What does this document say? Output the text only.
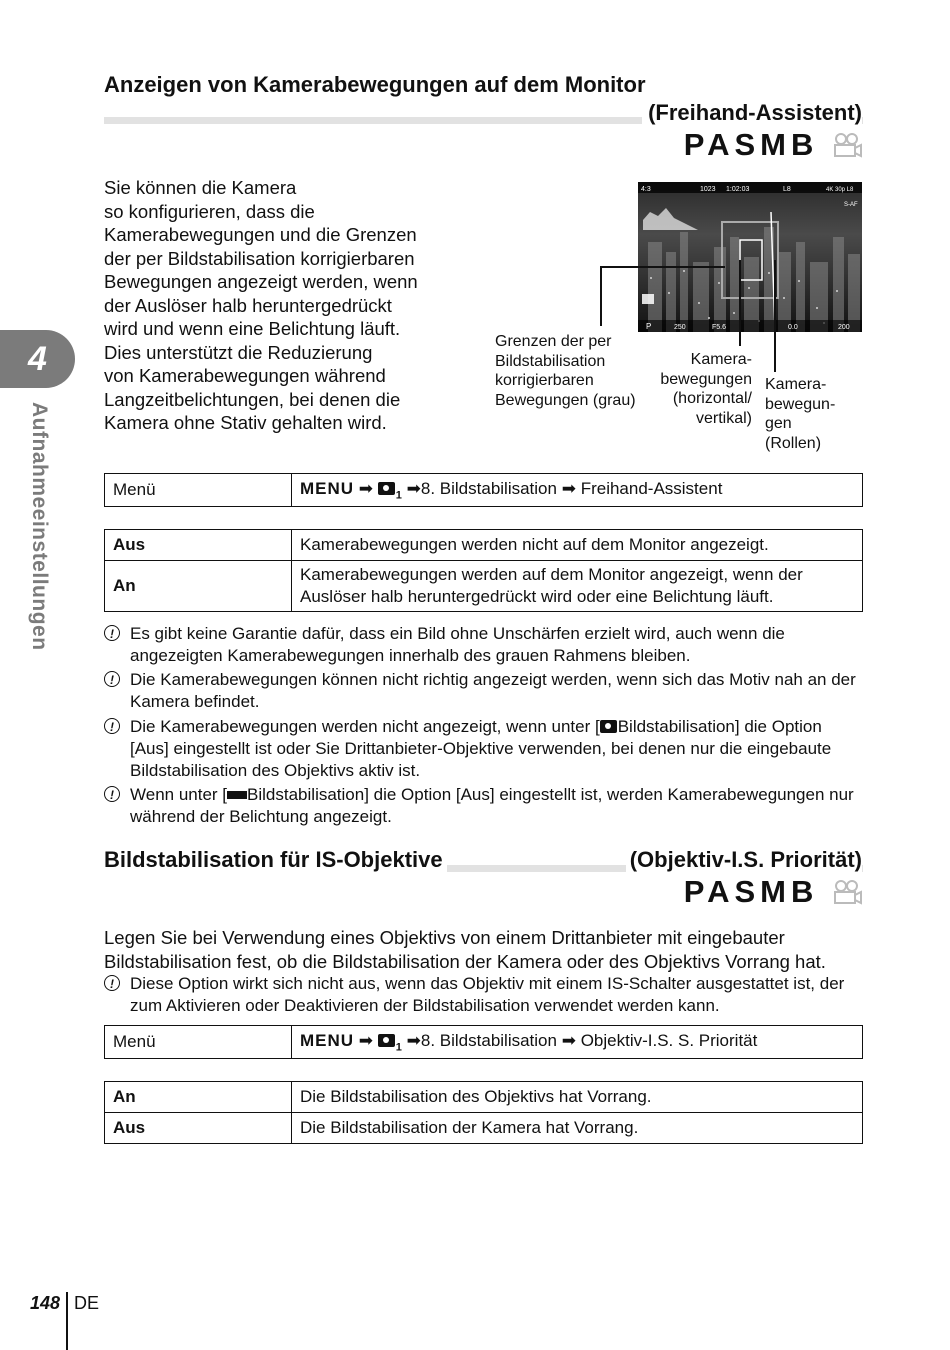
4
Aufnahmeeinstellungen
Anzeigen von Kamerabewegungen auf dem Monitor
(Freihand-Assistent)
PASMB
Sie können die Kamera
so konfigurieren, dass die
Kamerabewegungen und die Grenzen
der per Bildstabilisation korrigierbaren
Bewegungen angezeigt werden, wenn
der Auslöser halb heruntergedrückt
wird und wenn eine Belichtung läuft.
Dies unterstützt die Reduzierung
von Kamerabewegungen während
Langzeitbelichtungen, bei denen die
Kamera ohne Stativ gehalten wird.
4:3	1023 1:02:03	L8	4K 30p L8
S-AF
P	250	F5.6	0.0	200
Grenzen der per
Bildstabilisation
korrigierbaren
Bewegungen (grau)
Kamera-
bewegungen
(horizontal/
vertikal)
Kamera-
bewegun-
gen
(Rollen)
Menü	MENU ➡ $_1$ ➡8. Bildstabilisation ➡ Freihand-Assistent
Aus	Kamerabewegungen werden nicht auf dem Monitor angezeigt.
An	Kamerabewegungen werden auf dem Monitor angezeigt, wenn der
Auslöser halb heruntergedrückt wird oder eine Belichtung läuft.
! Es gibt keine Garantie dafür, dass ein Bild ohne Unschärfen erzielt wird, auch wenn die angezeigten Kamerabewegungen innerhalb des grauen Rahmens bleiben.
! Die Kamerabewegungen können nicht richtig angezeigt werden, wenn sich das Motiv nah an der Kamera befindet.
! Die Kamerabewegungen werden nicht angezeigt, wenn unter [ Bildstabilisation] die Option [Aus] eingestellt ist oder Sie Drittanbieter-Objektive verwenden, bei denen nur die eingebaute Bildstabilisation des Objektivs aktiv ist.
! Wenn unter [ Bildstabilisation] die Option [Aus] eingestellt ist, werden Kamerabewegungen nur während der Belichtung angezeigt.
Bildstabilisation für IS-Objektive	(Objektiv-I.S. Priorität)
PASMB
Legen Sie bei Verwendung eines Objektivs von einem Drittanbieter mit eingebauter
Bildstabilisation fest, ob die Bildstabilisation der Kamera oder des Objektivs Vorrang hat.
! Diese Option wirkt sich nicht aus, wenn das Objektiv mit einem IS-Schalter ausgestattet ist, der zum Aktivieren oder Deaktivieren der Bildstabilisation verwendet werden kann.
Menü	MENU ➡ $_1$ ➡8. Bildstabilisation ➡ Objektiv-I.S. S. Priorität
An	Die Bildstabilisation des Objektivs hat Vorrang.
Aus	Die Bildstabilisation der Kamera hat Vorrang.
148 DE
